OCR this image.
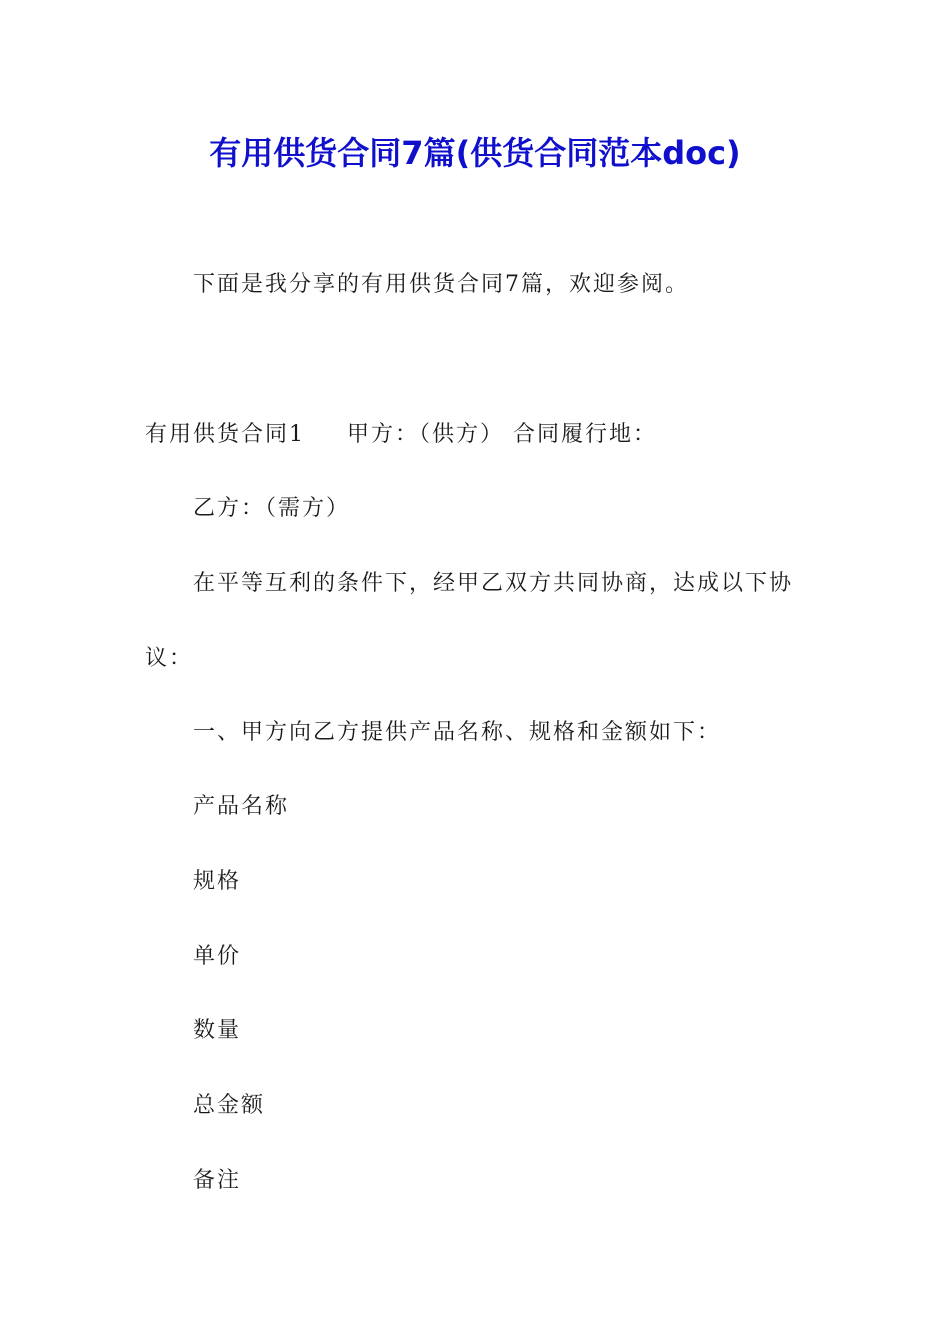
有用供货合同7篇(供货合同范本doc)
下面是我分享的有用供货合同7篇，欢迎参阅。
有用供货合同1 甲方：（供方） 合同履行地：
乙方：（需方）
在平等互利的条件下，经甲乙双方共同协商，达成以下协
议：
一、甲方向乙方提供产品名称、规格和金额如下：
产品名称
规格
单价
数量
总金额
备注
